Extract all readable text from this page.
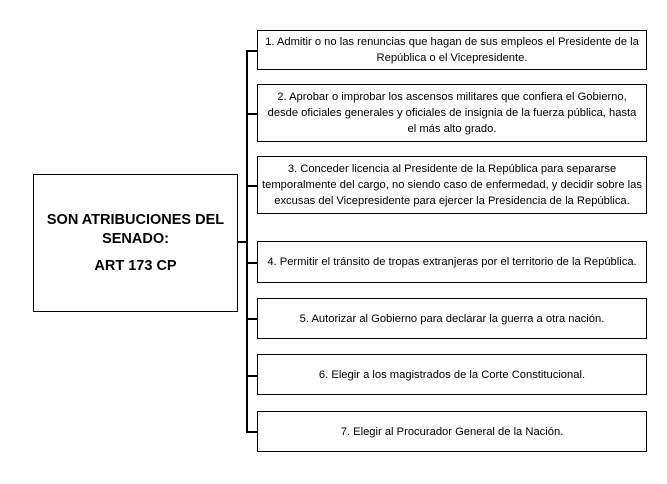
SON ATRIBUCIONES DEL SENADO:
ART 173 CP
1. Admitir o no las renuncias que hagan de sus empleos el Presidente de la República o el Vicepresidente.
2. Aprobar o improbar los ascensos militares que confiera el Gobierno, desde oficiales generales y oficiales de insignia de la fuerza pública, hasta el más alto grado.
3. Conceder licencia al Presidente de la República para separarse temporalmente del cargo, no siendo caso de enfermedad, y decidir sobre las excusas del Vicepresidente para ejercer la Presidencia de la República.
4. Permitir el tránsito de tropas extranjeras por el territorio de la República.
5. Autorizar al Gobierno para declarar la guerra a otra nación.
6. Elegir a los magistrados de la Corte Constitucional.
7. Elegir al Procurador General de la Nación.
